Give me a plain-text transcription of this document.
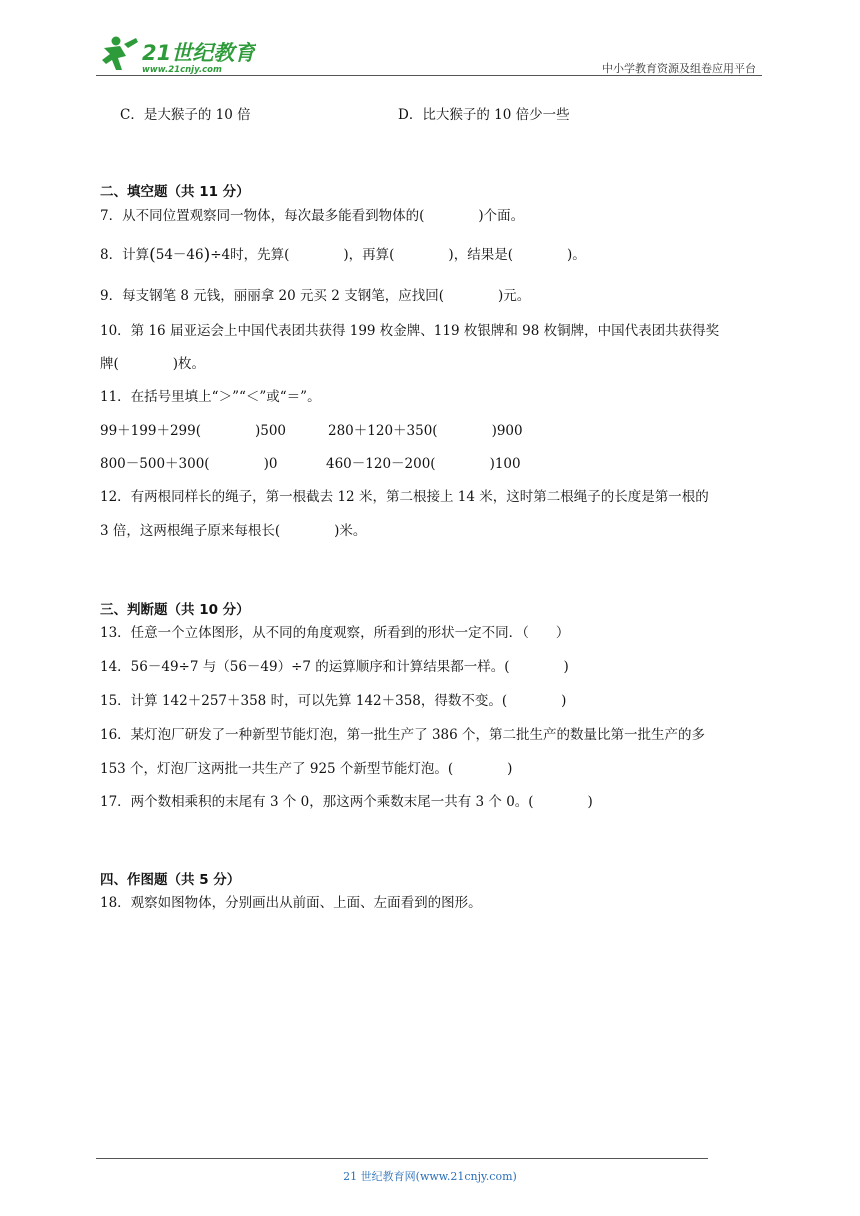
21世纪教育
www.21cnjy.com	中小学教育资源及组卷应用平台
C．是大猴子的 10 倍	D．比大猴子的 10 倍少一些
二、填空题（共 11 分）
7．从不同位置观察同一物体，每次最多能看到物体的(　　　　)个面。
8．计算(54－46)÷4时，先算(　　　　)，再算(　　　　)，结果是(　　　　)。
9．每支钢笔 8 元钱，丽丽拿 20 元买 2 支钢笔，应找回(　　　　)元。
10．第 16 届亚运会上中国代表团共获得 199 枚金牌、119 枚银牌和 98 枚铜牌，中国代表团共获得奖
牌(　　　　)枚。
11．在括号里填上“＞”“＜”或“＝”。
99＋199＋299(　　　　)500	280＋120＋350(　　　　)900
800－500＋300(　　　　)0	460－120－200(　　　　)100
12．有两根同样长的绳子，第一根截去 12 米，第二根接上 14 米，这时第二根绳子的长度是第一根的
3 倍，这两根绳子原来每根长(　　　　)米。
三、判断题（共 10 分）
13．任意一个立体图形，从不同的角度观察，所看到的形状一定不同．（　　）
14．56－49÷7 与（56－49）÷7 的运算顺序和计算结果都一样。(　　　　)
15．计算 142＋257＋358 时，可以先算 142＋358，得数不变。(　　　　)
16．某灯泡厂研发了一种新型节能灯泡，第一批生产了 386 个，第二批生产的数量比第一批生产的多
153 个，灯泡厂这两批一共生产了 925 个新型节能灯泡。(　　　　)
17．两个数相乘积的末尾有 3 个 0，那这两个乘数末尾一共有 3 个 0。(　　　　)
四、作图题（共 5 分）
18．观察如图物体，分别画出从前面、上面、左面看到的图形。
21 世纪教育网(www.21cnjy.com)
